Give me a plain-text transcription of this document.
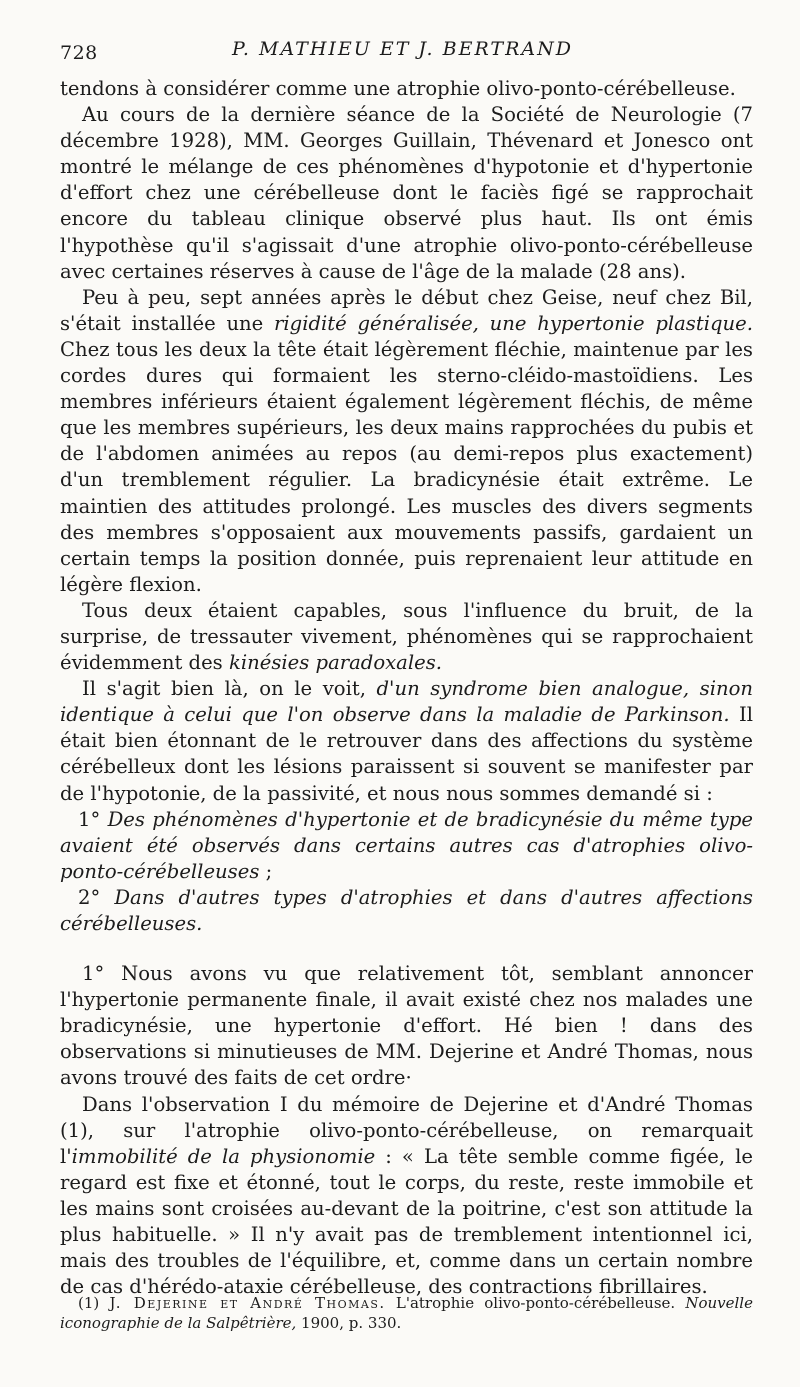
728	P. MATHIEU ET J. BERTRAND

tendons à considérer comme une atrophie olivo-ponto-cérébelleuse.

Au cours de la dernière séance de la Société de Neurologie (7 décembre 1928), MM. Georges Guillain, Thévenard et Jonesco ont montré le mélange de ces phénomènes d'hypotonie et d'hypertonie d'effort chez une cérébelleuse dont le faciès figé se rapprochait encore du tableau clinique observé plus haut. Ils ont émis l'hypothèse qu'il s'agissait d'une atrophie olivo-ponto-cérébelleuse avec certaines réserves à cause de l'âge de la malade (28 ans).

Peu à peu, sept années après le début chez Geise, neuf chez Bil, s'était installée une rigidité généralisée, une hypertonie plastique. Chez tous les deux la tête était légèrement fléchie, maintenue par les cordes dures qui formaient les sterno-cléido-mastoïdiens. Les membres inférieurs étaient également légèrement fléchis, de même que les membres supérieurs, les deux mains rapprochées du pubis et de l'abdomen animées au repos (au demi-repos plus exactement) d'un tremblement régulier. La bradicynésie était extrême. Le maintien des attitudes prolongé. Les muscles des divers segments des membres s'opposaient aux mouvements passifs, gardaient un certain temps la position donnée, puis reprenaient leur attitude en légère flexion.

Tous deux étaient capables, sous l'influence du bruit, de la surprise, de tressauter vivement, phénomènes qui se rapprochaient évidemment des kinésies paradoxales.

Il s'agit bien là, on le voit, d'un syndrome bien analogue, sinon identique à celui que l'on observe dans la maladie de Parkinson. Il était bien étonnant de le retrouver dans des affections du système cérébelleux dont les lésions paraissent si souvent se manifester par de l'hypotonie, de la passivité, et nous nous sommes demandé si :

1° Des phénomènes d'hypertonie et de bradicynésie du même type avaient été observés dans certains autres cas d'atrophies olivo-ponto-cérébelleuses ;

2° Dans d'autres types d'atrophies et dans d'autres affections cérébelleuses.

1° Nous avons vu que relativement tôt, semblant annoncer l'hypertonie permanente finale, il avait existé chez nos malades une bradicynésie, une hypertonie d'effort. Hé bien ! dans des observations si minutieuses de MM. Dejerine et André Thomas, nous avons trouvé des faits de cet ordre·

Dans l'observation I du mémoire de Dejerine et d'André Thomas (1), sur l'atrophie olivo-ponto-cérébelleuse, on remarquait l'immobilité de la physionomie : « La tête semble comme figée, le regard est fixe et étonné, tout le corps, du reste, reste immobile et les mains sont croisées au-devant de la poitrine, c'est son attitude la plus habituelle. » Il n'y avait pas de tremblement intentionnel ici, mais des troubles de l'équilibre, et, comme dans un certain nombre de cas d'hérédo-ataxie cérébelleuse, des contractions fibrillaires.

(1) J. Dejerine et André Thomas. L'atrophie olivo-ponto-cérébelleuse. Nouvelle iconographie de la Salpêtrière, 1900, p. 330.
